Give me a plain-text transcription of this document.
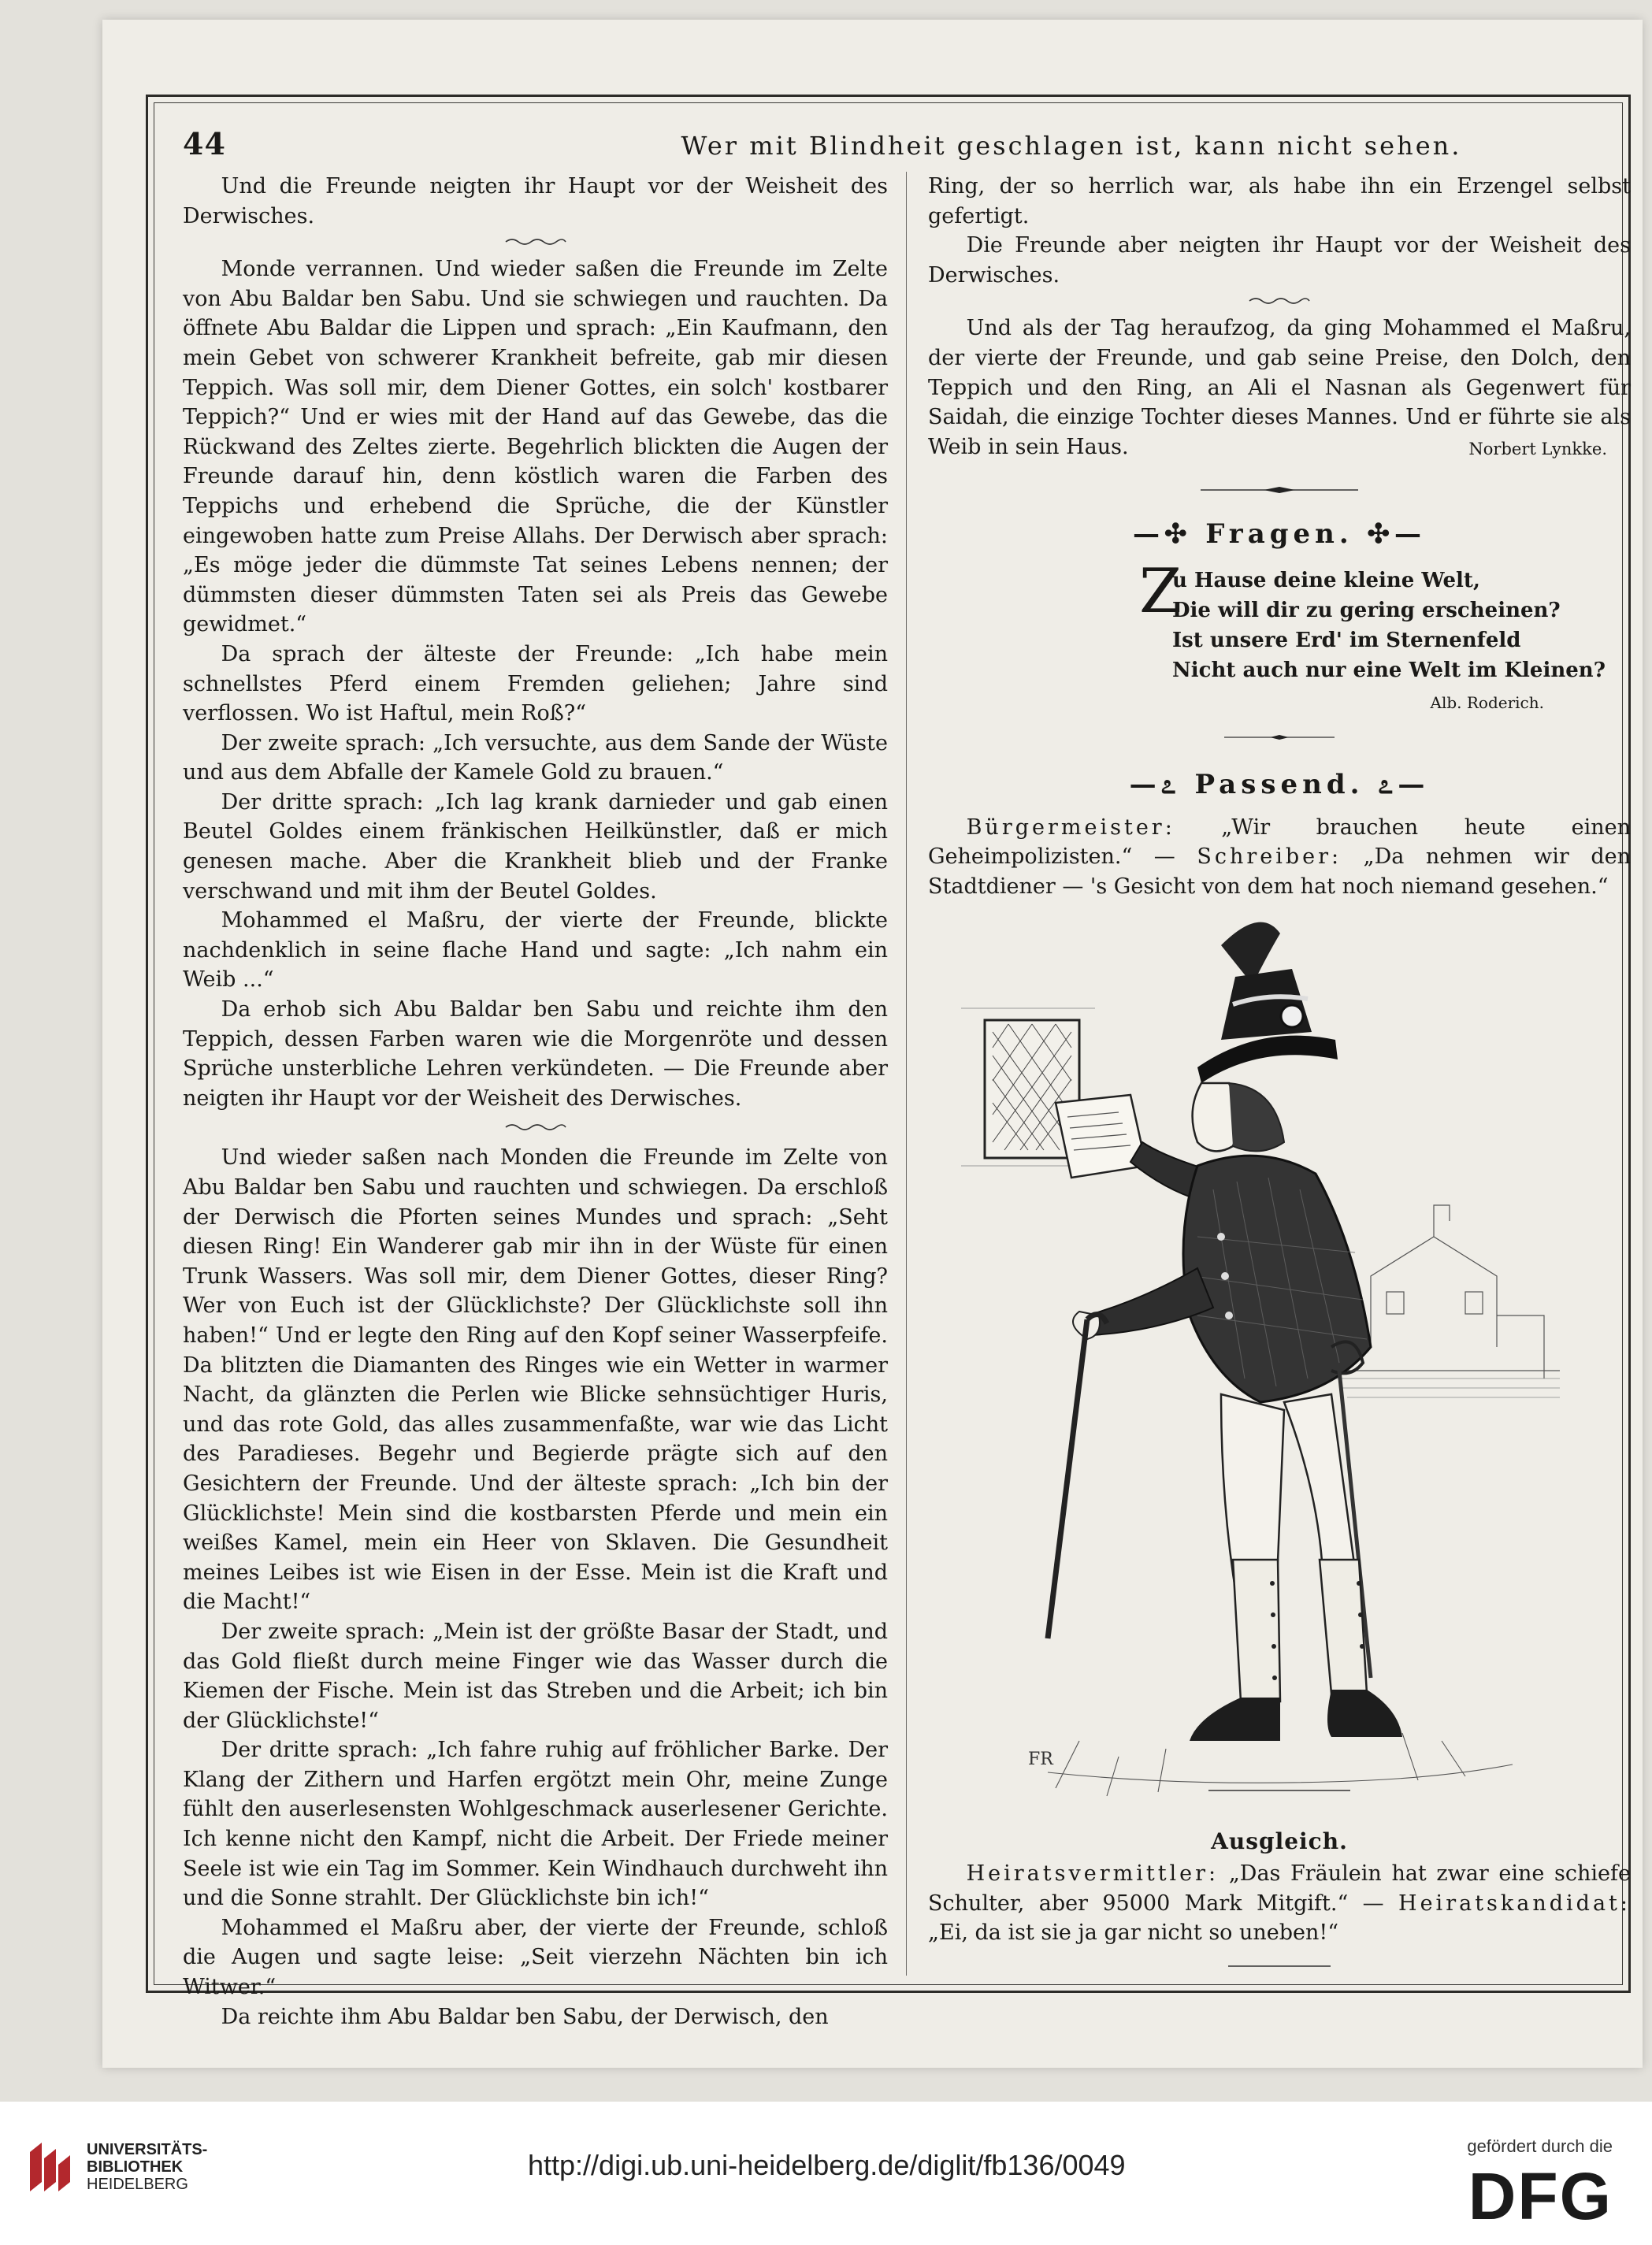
44	Wer mit Blindheit geschlagen ist, kann nicht sehen.

Und die Freunde neigten ihr Haupt vor der Weisheit des Derwisches.

Monde verrannen. Und wieder saßen die Freunde im Zelte von Abu Baldar ben Sabu. Und sie schwiegen und rauchten. Da öffnete Abu Baldar die Lippen und sprach: „Ein Kaufmann, den mein Gebet von schwerer Krankheit befreite, gab mir diesen Teppich. Was soll mir, dem Diener Gottes, ein solch' kostbarer Teppich?“ Und er wies mit der Hand auf das Gewebe, das die Rückwand des Zeltes zierte. Begehrlich blickten die Augen der Freunde darauf hin, denn köstlich waren die Farben des Teppichs und erhebend die Sprüche, die der Künstler eingewoben hatte zum Preise Allahs. Der Derwisch aber sprach: „Es möge jeder die dümmste Tat seines Lebens nennen; der dümmsten dieser dümmsten Taten sei als Preis das Gewebe gewidmet.“

Da sprach der älteste der Freunde: „Ich habe mein schnellstes Pferd einem Fremden geliehen; Jahre sind verflossen. Wo ist Haftul, mein Roß?“

Der zweite sprach: „Ich versuchte, aus dem Sande der Wüste und aus dem Abfalle der Kamele Gold zu brauen.“

Der dritte sprach: „Ich lag krank darnieder und gab einen Beutel Goldes einem fränkischen Heilkünstler, daß er mich genesen mache. Aber die Krankheit blieb und der Franke verschwand und mit ihm der Beutel Goldes.

Mohammed el Maßru, der vierte der Freunde, blickte nachdenklich in seine flache Hand und sagte: „Ich nahm ein Weib ...“

Da erhob sich Abu Baldar ben Sabu und reichte ihm den Teppich, dessen Farben waren wie die Morgenröte und dessen Sprüche unsterbliche Lehren verkündeten. — Die Freunde aber neigten ihr Haupt vor der Weisheit des Derwisches.

Und wieder saßen nach Monden die Freunde im Zelte von Abu Baldar ben Sabu und rauchten und schwiegen. Da erschloß der Derwisch die Pforten seines Mundes und sprach: „Seht diesen Ring! Ein Wanderer gab mir ihn in der Wüste für einen Trunk Wassers. Was soll mir, dem Diener Gottes, dieser Ring? Wer von Euch ist der Glücklichste? Der Glücklichste soll ihn haben!“ Und er legte den Ring auf den Kopf seiner Wasserpfeife. Da blitzten die Diamanten des Ringes wie ein Wetter in warmer Nacht, da glänzten die Perlen wie Blicke sehnsüchtiger Huris, und das rote Gold, das alles zusammenfaßte, war wie das Licht des Paradieses. Begehr und Begierde prägte sich auf den Gesichtern der Freunde. Und der älteste sprach: „Ich bin der Glücklichste! Mein sind die kostbarsten Pferde und mein ein weißes Kamel, mein ein Heer von Sklaven. Die Gesundheit meines Leibes ist wie Eisen in der Esse. Mein ist die Kraft und die Macht!“

Der zweite sprach: „Mein ist der größte Basar der Stadt, und das Gold fließt durch meine Finger wie das Wasser durch die Kiemen der Fische. Mein ist das Streben und die Arbeit; ich bin der Glücklichste!“

Der dritte sprach: „Ich fahre ruhig auf fröhlicher Barke. Der Klang der Zithern und Harfen ergötzt mein Ohr, meine Zunge fühlt den auserlesensten Wohlgeschmack auserlesener Gerichte. Ich kenne nicht den Kampf, nicht die Arbeit. Der Friede meiner Seele ist wie ein Tag im Sommer. Kein Windhauch durchweht ihn und die Sonne strahlt. Der Glücklichste bin ich!“

Mohammed el Maßru aber, der vierte der Freunde, schloß die Augen und sagte leise: „Seit vierzehn Nächten bin ich Witwer.“

Da reichte ihm Abu Baldar ben Sabu, der Derwisch, den

Ring, der so herrlich war, als habe ihn ein Erzengel selbst gefertigt.

Die Freunde aber neigten ihr Haupt vor der Weisheit des Derwisches.

Und als der Tag heraufzog, da ging Mohammed el Maßru, der vierte der Freunde, und gab seine Preise, den Dolch, den Teppich und den Ring, an Ali el Nasnan als Gegenwert für Saidah, die einzige Tochter dieses Mannes. Und er führte sie als Weib in sein Haus.	Norbert Lynkke.
—✣ Fragen. ✣—
Z
u Hause deine kleine Welt,
Die will dir zu gering erscheinen?
Ist unsere Erd' im Sternenfeld
Nicht auch nur eine Welt im Kleinen?
Alb. Roderich.
—೭ Passend. ೭—

Bürgermeister: „Wir brauchen heute einen Geheimpolizisten.“ — Schreiber: „Da nehmen wir den Stadtdiener — 's Gesicht von dem hat noch niemand gesehen.“

FR
Ausgleich.

Heiratsvermittler: „Das Fräulein hat zwar eine schiefe Schulter, aber 95000 Mark Mitgift.“ — Heiratskandidat: „Ei, da ist sie ja gar nicht so uneben!“

UNIVERSITÄTS-
BIBLIOTHEK
HEIDELBERG
http://digi.ub.uni-heidelberg.de/diglit/fb136/0049
gefördert durch die
DFG
